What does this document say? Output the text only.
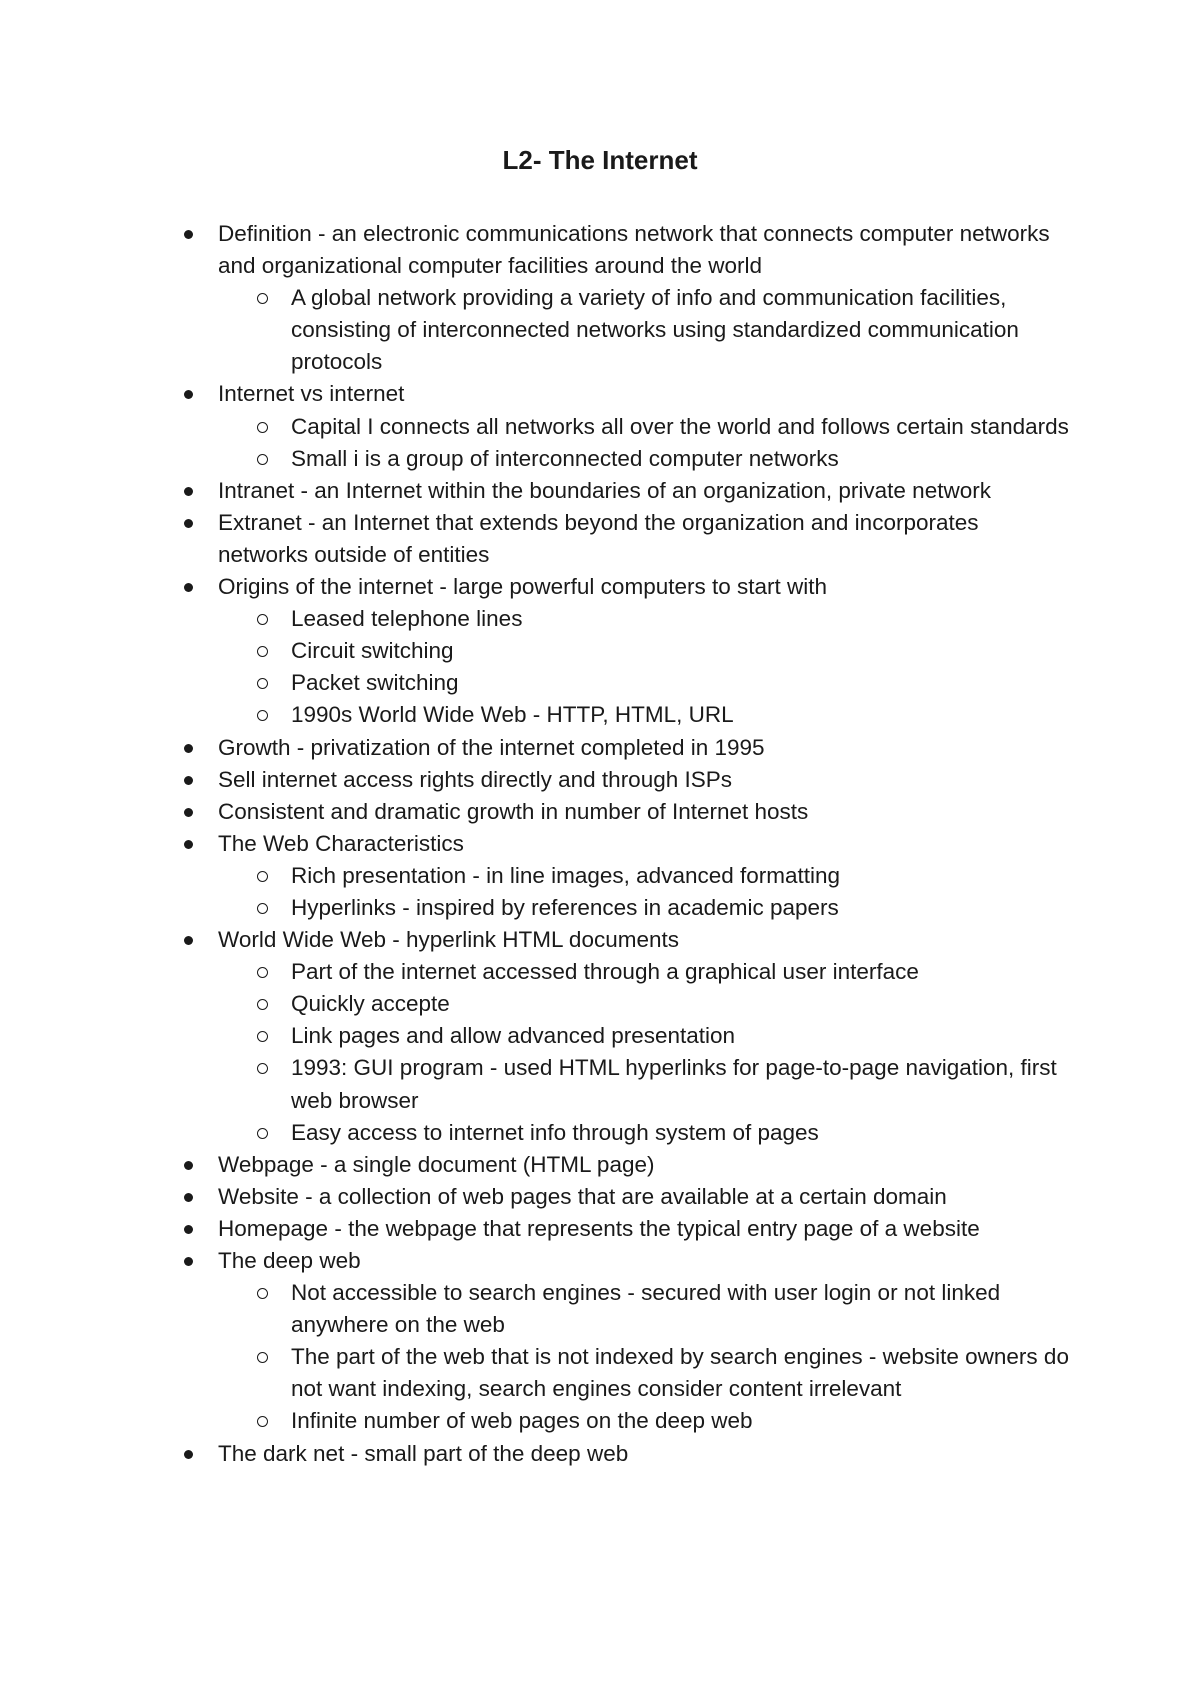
L2- The Internet
Definition - an electronic communications network that connects computer networks and organizational computer facilities around the world
A global network providing a variety of info and communication facilities, consisting of interconnected networks using standardized communication protocols
Internet vs internet
Capital I connects all networks all over the world and follows certain standards
Small i is a group of interconnected computer networks
Intranet - an Internet within the boundaries of an organization, private network
Extranet - an Internet that extends beyond the organization and incorporates networks outside of entities
Origins of the internet - large powerful computers to start with
Leased telephone lines
Circuit switching
Packet switching
1990s World Wide Web - HTTP, HTML, URL
Growth - privatization of the internet completed in 1995
Sell internet access rights directly and through ISPs
Consistent and dramatic growth in number of Internet hosts
The Web Characteristics
Rich presentation - in line images, advanced formatting
Hyperlinks - inspired by references in academic papers
World Wide Web - hyperlink HTML documents
Part of the internet accessed through a graphical user interface
Quickly accepte
Link pages and allow advanced presentation
1993: GUI program - used HTML hyperlinks for page-to-page navigation, first web browser
Easy access to internet info through system of pages
Webpage - a single document (HTML page)
Website - a collection of web pages that are available at a certain domain
Homepage - the webpage that represents the typical entry page of a website
The deep web
Not accessible to search engines - secured with user login or not linked anywhere on the web
The part of the web that is not indexed by search engines - website owners do not want indexing, search engines consider content irrelevant
Infinite number of web pages on the deep web
The dark net - small part of the deep web
